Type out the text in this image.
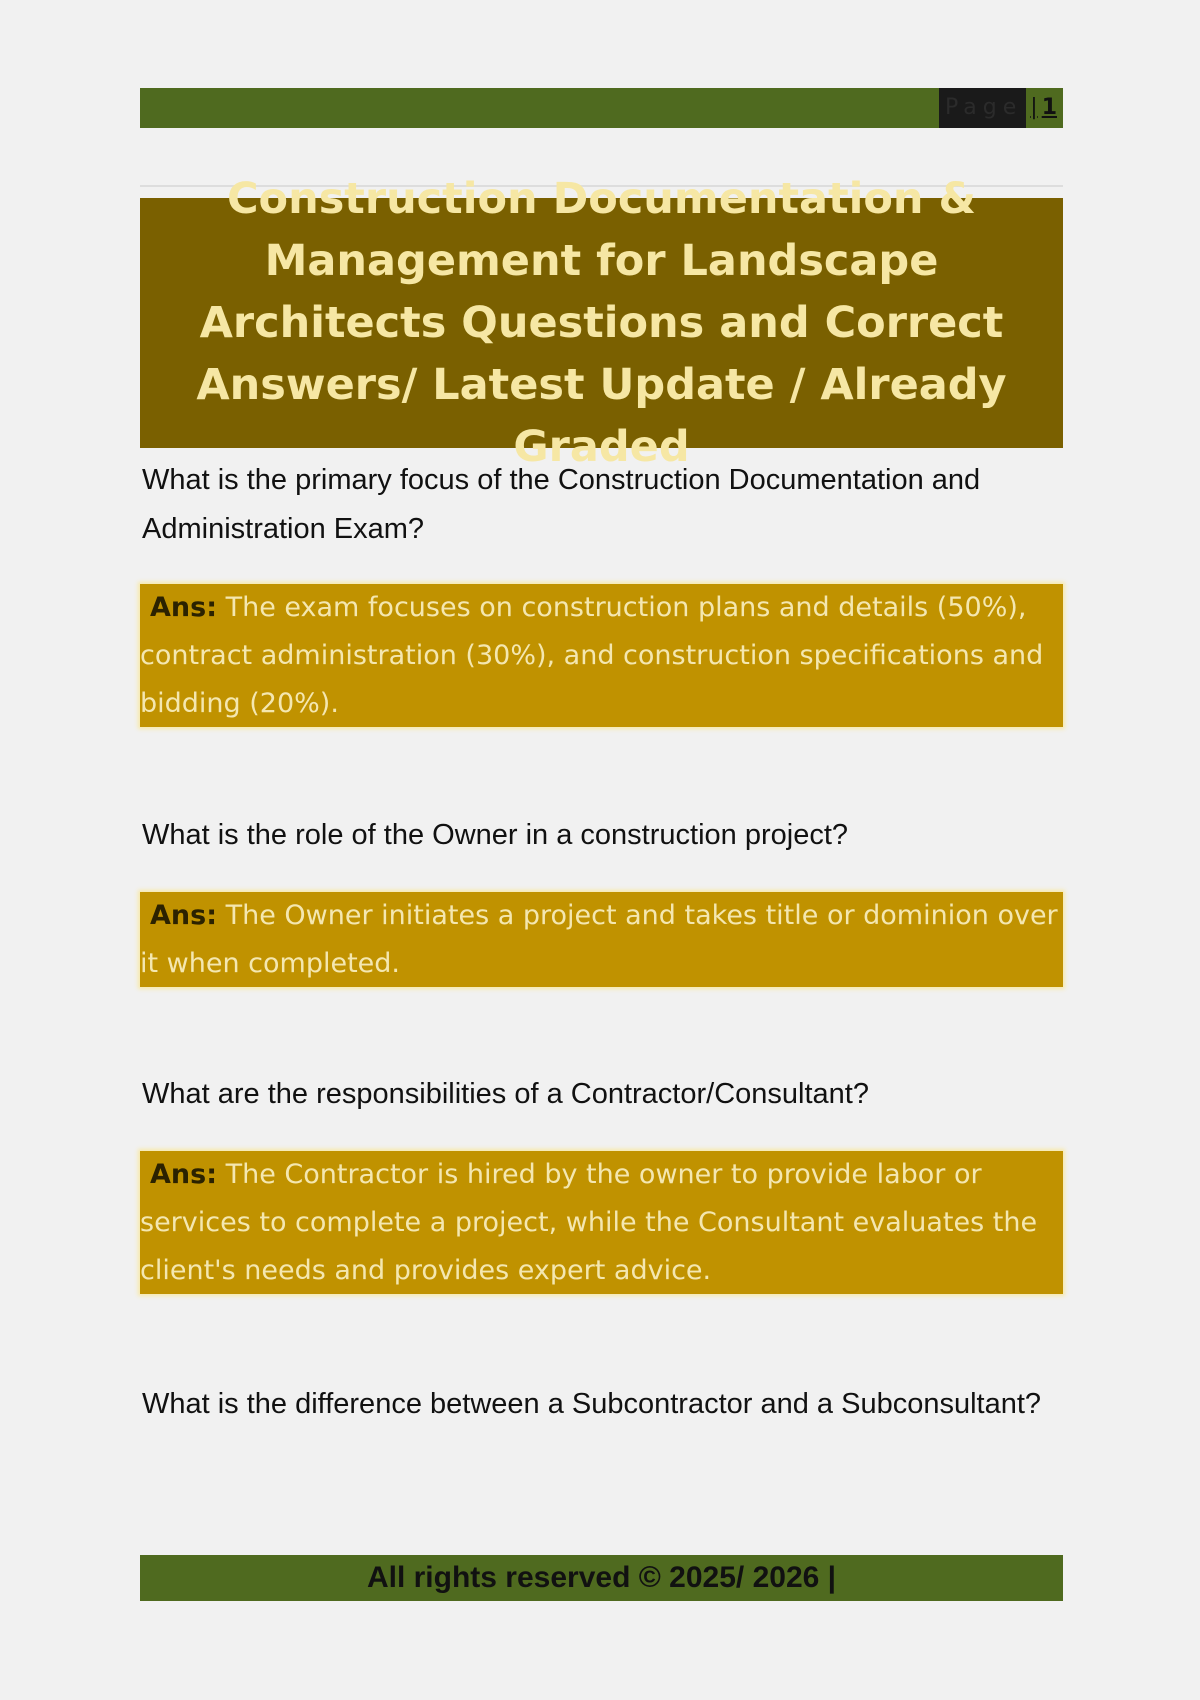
Page | 1
Construction Documentation & Management for Landscape Architects Questions and Correct Answers/ Latest Update / Already Graded
What is the primary focus of the Construction Documentation and Administration Exam?

Ans: The exam focuses on construction plans and details (50%), contract administration (30%), and construction specifications and bidding (20%).

What is the role of the Owner in a construction project?

Ans: The Owner initiates a project and takes title or dominion over it when completed.

What are the responsibilities of a Contractor/Consultant?

Ans: The Contractor is hired by the owner to provide labor or services to complete a project, while the Consultant evaluates the client's needs and provides expert advice.

What is the difference between a Subcontractor and a Subconsultant?
All rights reserved © 2025/ 2026 |
